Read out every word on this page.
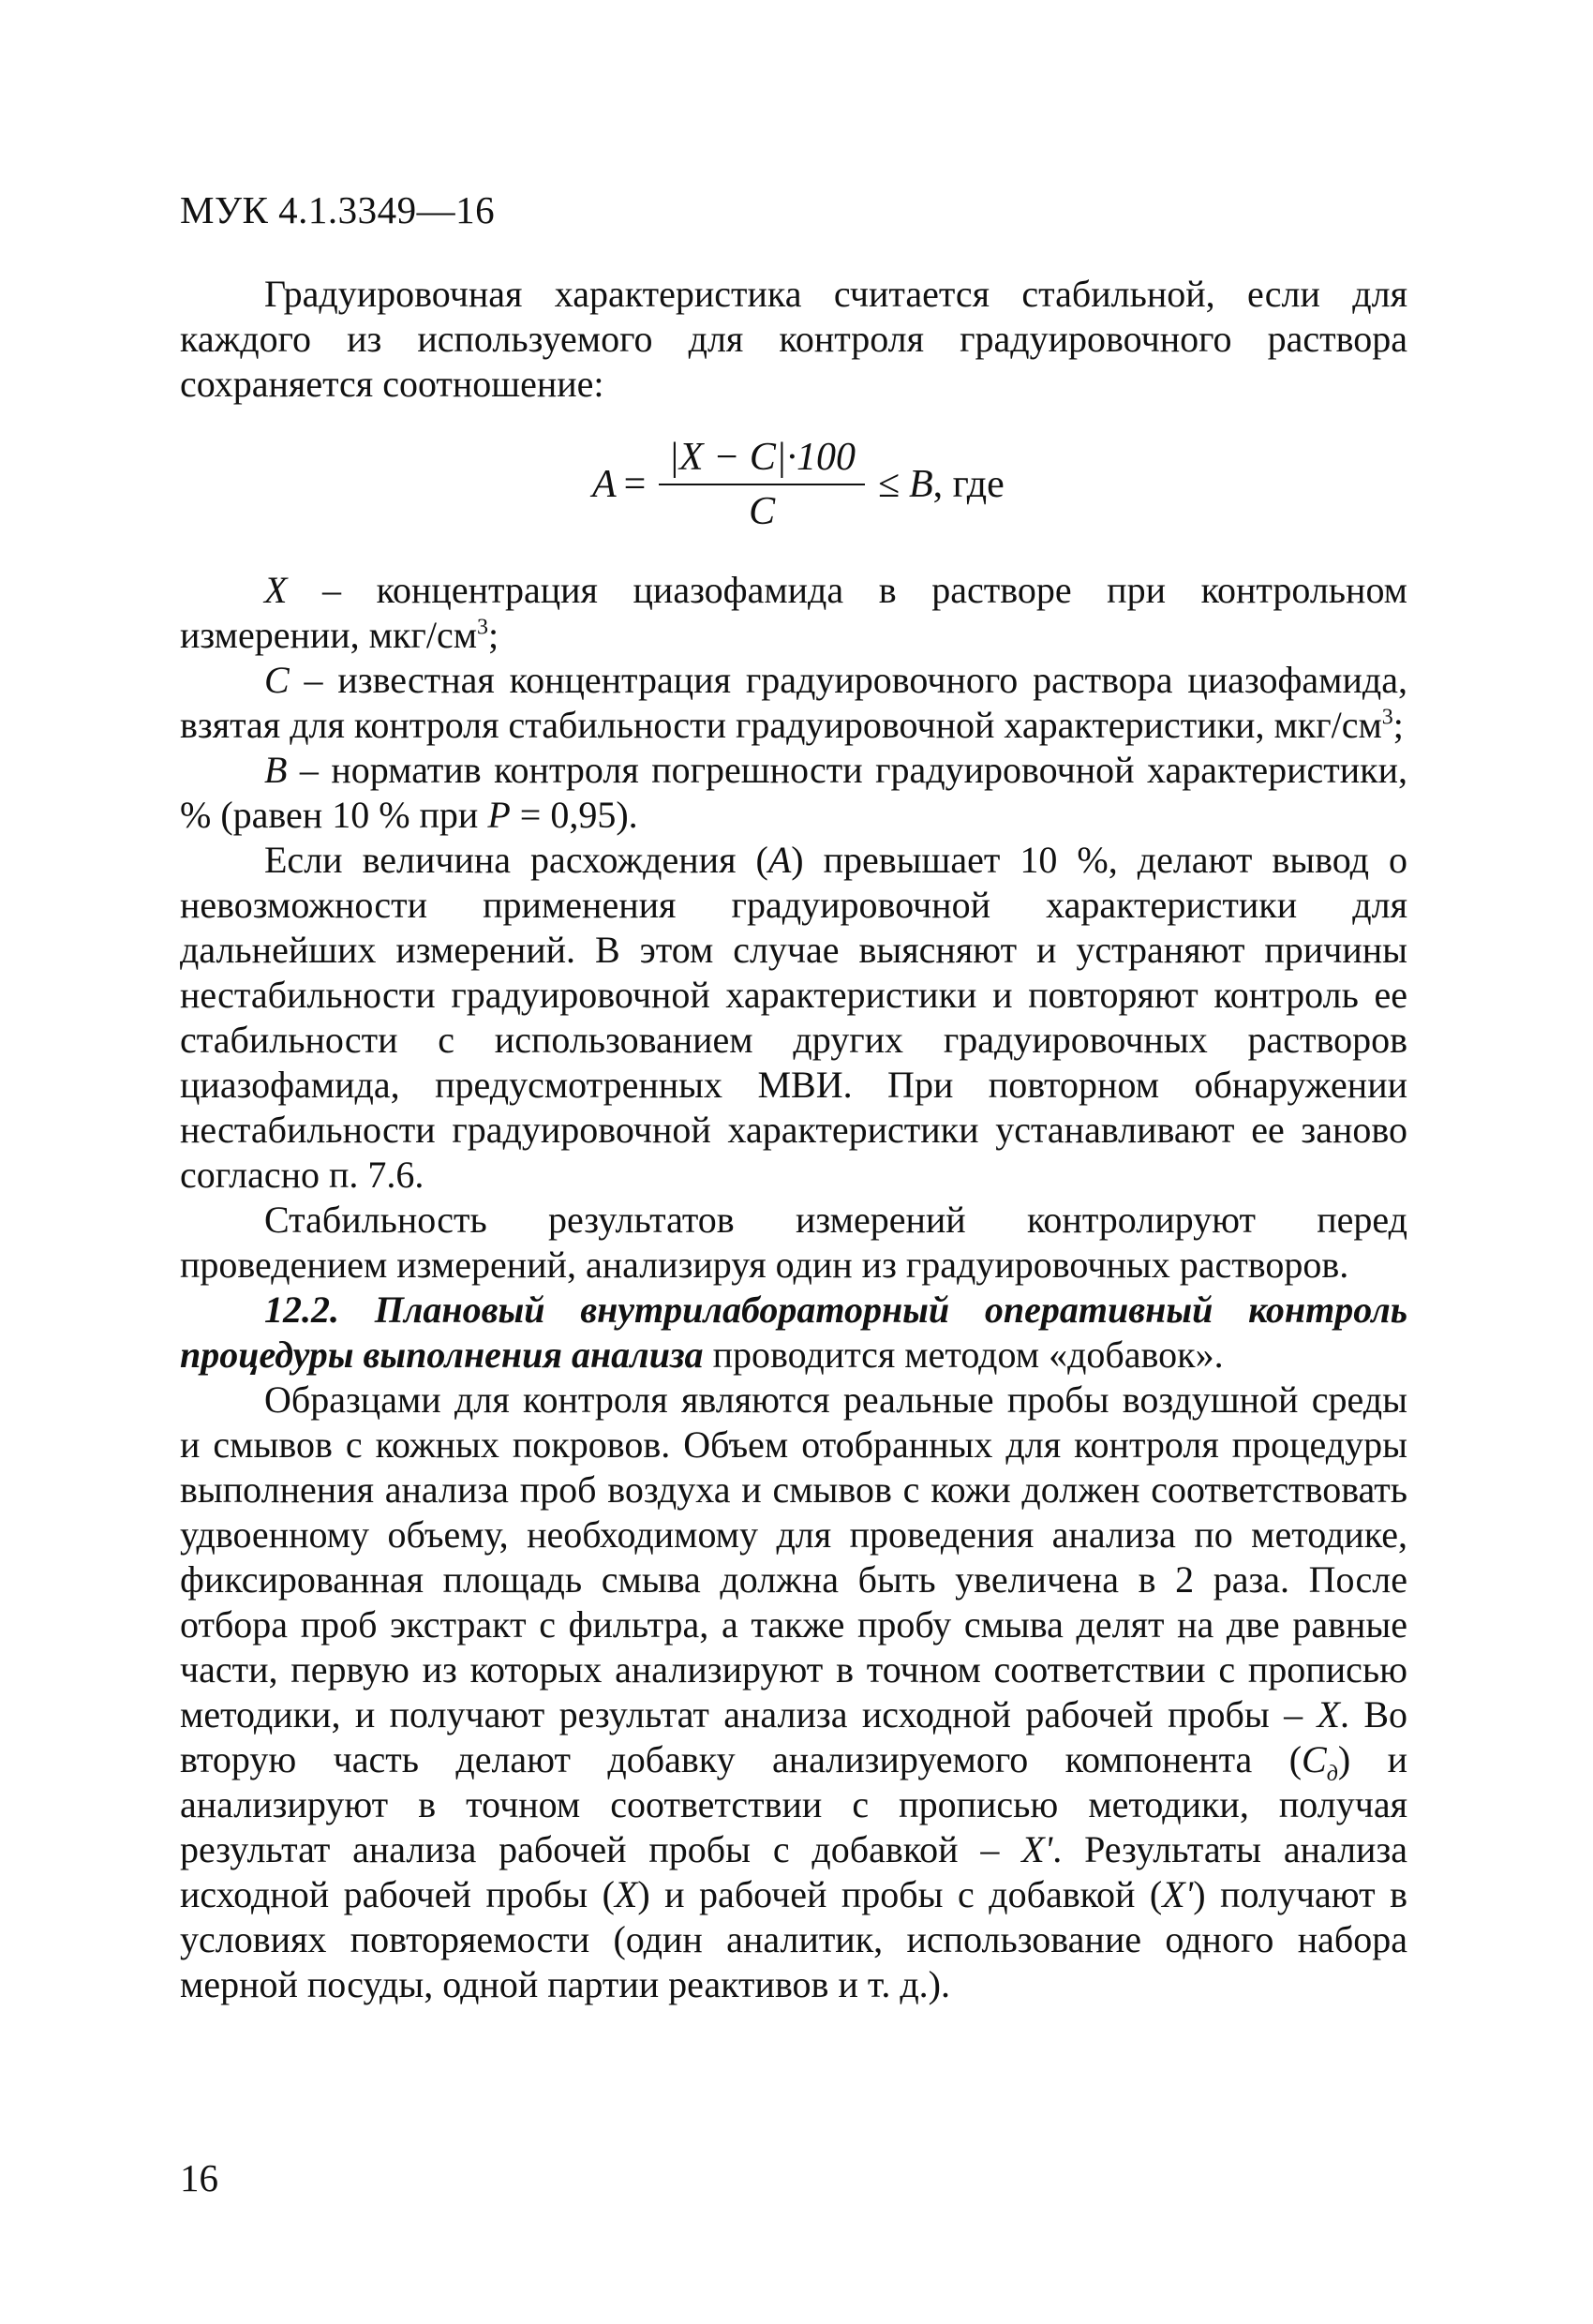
МУК 4.1.3349—16

Градуировочная характеристика считается стабильной, если для каждого из используемого для контроля градуировочного раствора сохраняется соотношение:

$A = \frac{|X - C|\cdot 100}{C} \le B$ , где

X – концентрация циазофамида в растворе при контрольном измерении, мкг/$см^3$;

C – известная концентрация градуировочного раствора циазофамида, взятая для контроля стабильности градуировочной характеристики, мкг/$см^3$;

B – норматив контроля погрешности градуировочной характеристики, % (равен 10 % при P = 0,95).

Если величина расхождения (A) превышает 10 %, делают вывод о невозможности применения градуировочной характеристики для дальнейших измерений. В этом случае выясняют и устраняют причины нестабильности градуировочной характеристики и повторяют контроль ее стабильности с использованием других градуировочных растворов циазофамида, предусмотренных МВИ. При повторном обнаружении нестабильности градуировочной характеристики устанавливают ее заново согласно п. 7.6.

Стабильность результатов измерений контролируют перед проведением измерений, анализируя один из градуировочных растворов.

12.2. Плановый внутрилабораторный оперативный контроль процедуры выполнения анализа проводится методом «добавок».

Образцами для контроля являются реальные пробы воздушной среды и смывов с кожных покровов. Объем отобранных для контроля процедуры выполнения анализа проб воздуха и смывов с кожи должен соответствовать удвоенному объему, необходимому для проведения анализа по методике, фиксированная площадь смыва должна быть увеличена в 2 раза. После отбора проб экстракт с фильтра, а также пробу смыва делят на две равные части, первую из которых анализируют в точном соответствии с прописью методики, и получают результат анализа исходной рабочей пробы – X. Во вторую часть делают добавку анализируемого компонента $(C_д)$ и анализируют в точном соответствии с прописью методики, получая результат анализа рабочей пробы с добавкой – X'. Результаты анализа исходной рабочей пробы (X) и рабочей пробы с добавкой (X') получают в условиях повторяемости (один аналитик, использование одного набора мерной посуды, одной партии реактивов и т. д.).

16
